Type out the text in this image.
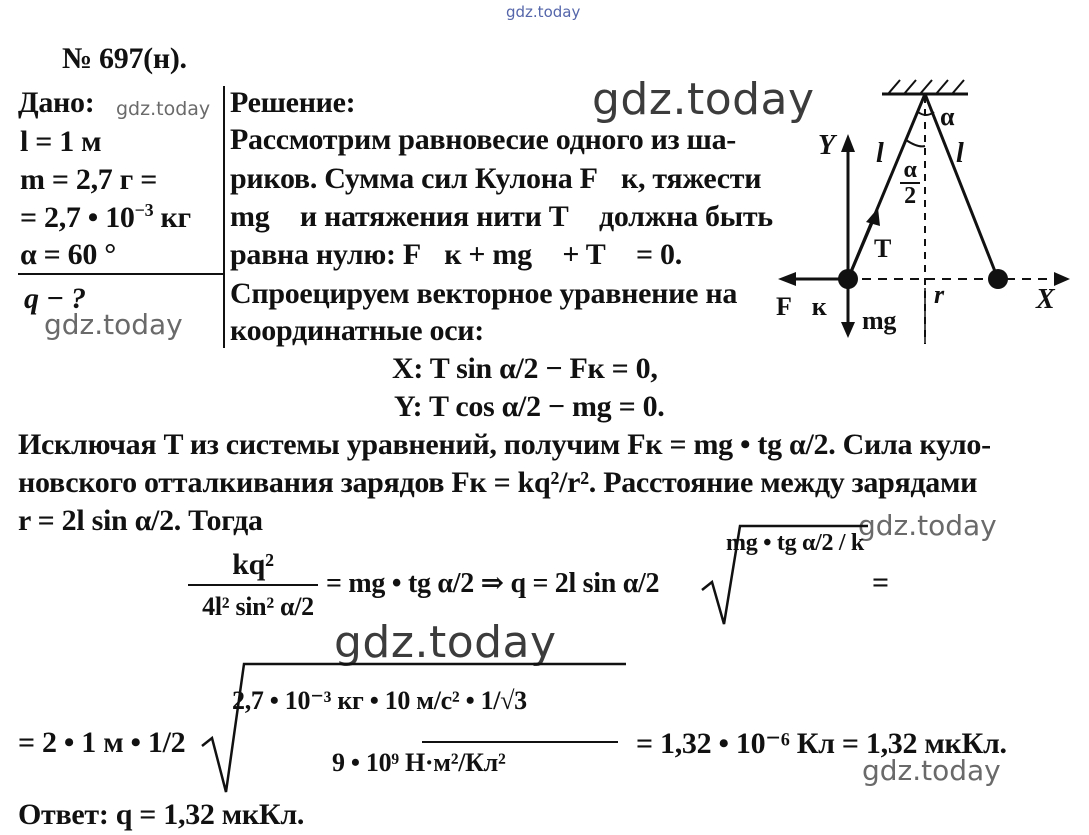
gdz.today
gdz.today
gdz.today
gdz.today
gdz.today
gdz.today
gdz.today
№ 697(н).
Дано:
l = 1 м
m = 2,7 г =
= 2,7 • $10^{-3}$ кг
α = 60 °
q − ?
Решение:
Рассмотрим равновесие одного из ша-
риков. Сумма сил Кулона F⃗к, тяжести
mg⃗ и натяжения нити T⃗ должна быть
равна нулю: F⃗к + mg⃗ + T⃗ = 0.
Спроецируем векторное уравнение на
координатные оси:
X: T sin α/2 − Fк = 0,
Y: T cos α/2 − mg = 0.
Исключая T из системы уравнений, получим Fк = mg • tg α/2. Сила куло-
новского отталкивания зарядов Fк = kq²/r². Расстояние между зарядами
r = 2l sin α/2. Тогда
kq²
4l² sin² α/2
= mg • tg α/2 ⇒ q = 2l sin α/2
mg • tg α/2 / k
=
= 2 • 1 м • 1/2
2,7 • 10⁻³ кг • 10 м/с² • 1/√3
9 • 10⁹ Н·м²/Кл²
= 1,32 • 10⁻⁶ Кл = 1,32 мкКл.
Ответ: q = 1,32 мкКл.
Y
X
l	l
α
α
2
T⃗
F⃗к mg⃗
r
